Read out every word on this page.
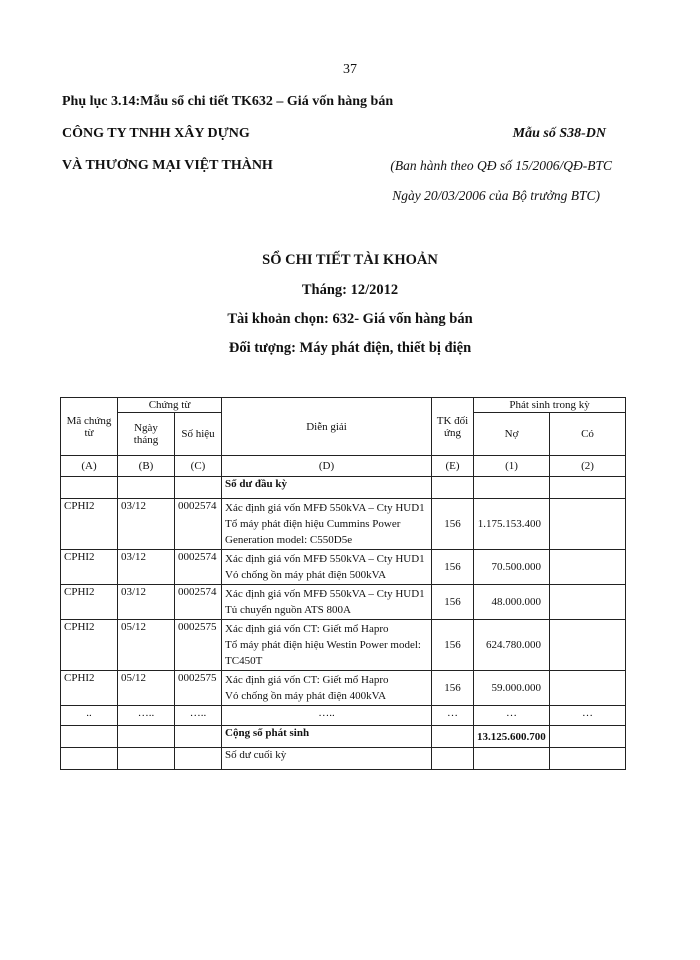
37
Phụ lục 3.14:Mẫu sổ chi tiết TK632 – Giá vốn hàng bán
CÔNG TY TNHH XÂY DỰNG
VÀ THƯƠNG MẠI VIỆT THÀNH
Mẫu số S38-DN
(Ban hành theo QĐ số 15/2006/QĐ-BTC
Ngày 20/03/2006 của Bộ trưởng BTC)
SỔ CHI TIẾT TÀI KHOẢN
Tháng: 12/2012
Tài khoản chọn: 632- Giá vốn hàng bán
Đối tượng: Máy phát điện, thiết bị điện
Mã chứng từ	Chứng từ		Diễn giải	TK đối ứng	Phát sinh trong kỳ	
	Ngày tháng	Số hiệu			Nợ	Có
(A)	(B)	(C)	(D)	(E)	(1)	(2)
			Số dư đầu kỳ			
CPHI2	03/12	0002574	Xác định giá vốn MFĐ 550kVA – Cty HUD1
Tổ máy phát điện hiệu Cummins Power
Generation model: C550D5e	156	1.175.153.400	
CPHI2	03/12	0002574	Xác định giá vốn MFĐ 550kVA – Cty HUD1
Vỏ chống ồn máy phát điện 500kVA	156	70.500.000	
CPHI2	03/12	0002574	Xác định giá vốn MFĐ 550kVA – Cty HUD1
Tủ chuyển nguồn ATS 800A	156	48.000.000	
CPHI2	05/12	0002575	Xác định giá vốn CT: Giết mổ Hapro
Tổ máy phát điện hiệu Westin Power model:
TC450T	156	624.780.000	
CPHI2	05/12	0002575	Xác định giá vốn CT: Giết mổ Hapro
Vỏ chống ồn máy phát điện 400kVA	156	59.000.000	
..	…..	…..	…..	…	…	…
			Cộng số phát sinh		13.125.600.700	
			Số dư cuối kỳ			
